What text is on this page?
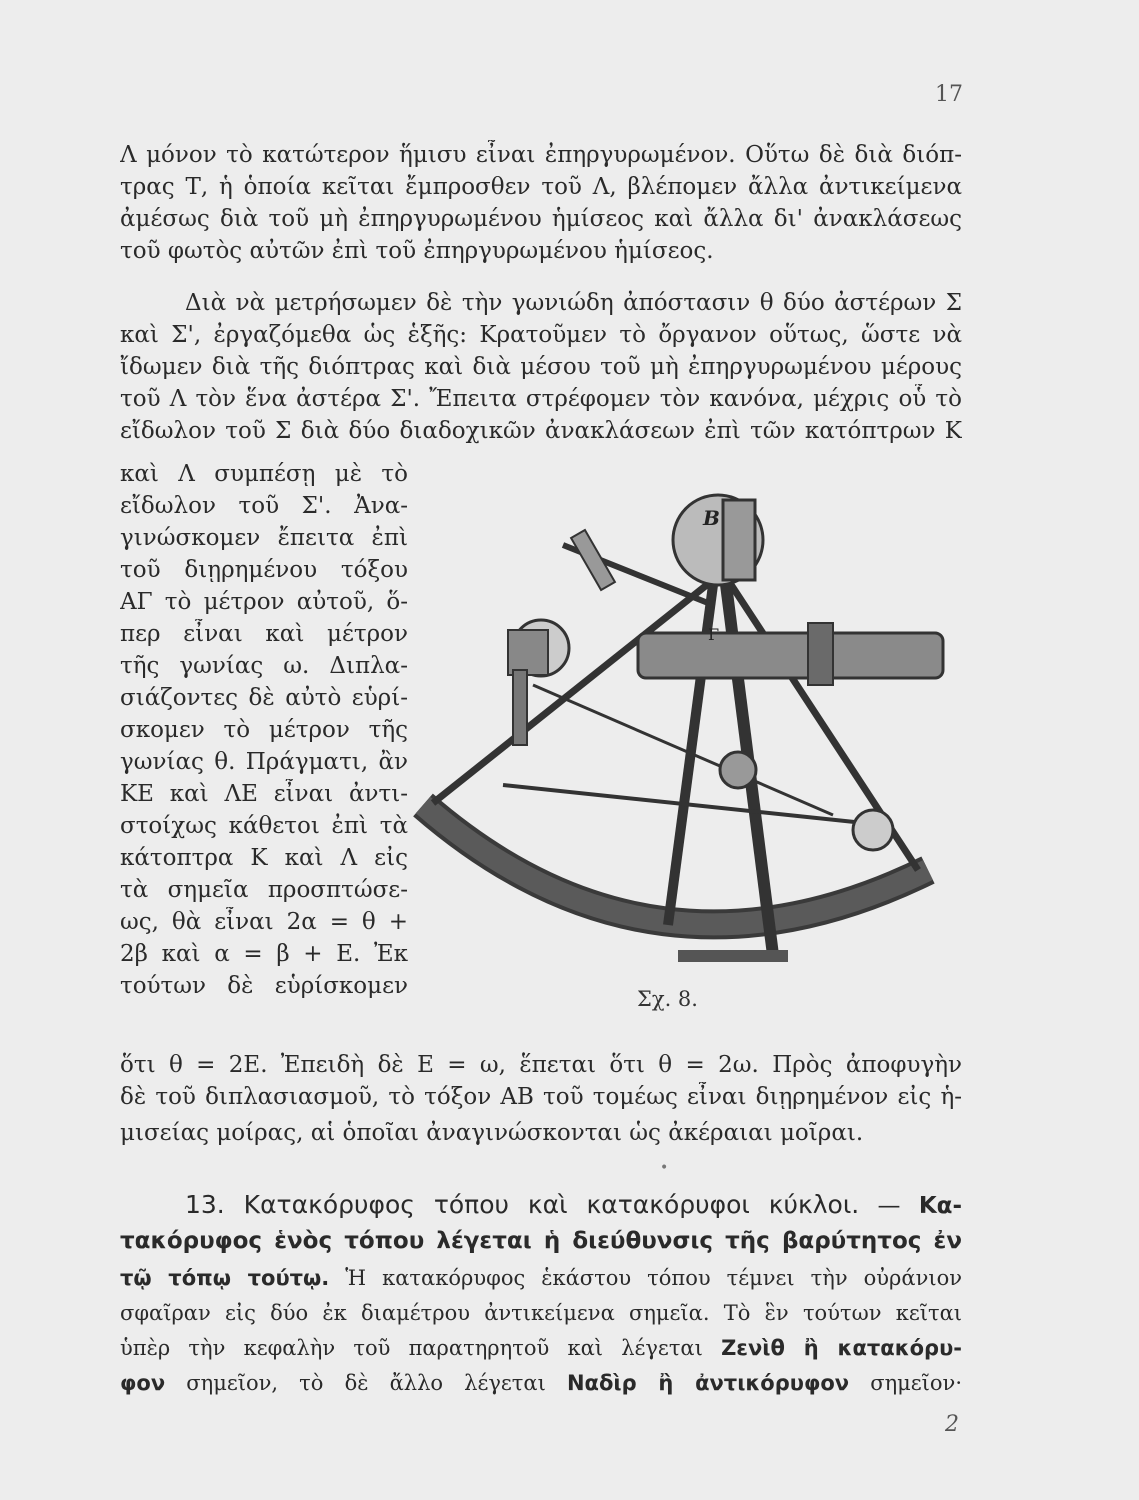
17
Λ μόνον τὸ κατώτερον ἥμισυ εἶναι ἐπηργυρωμένον. Οὕτω δὲ διὰ διόπ-
τρας Τ, ἡ ὁποία κεῖται ἔμπροσθεν τοῦ Λ, βλέπομεν ἄλλα ἀντικείμενα
ἀμέσως διὰ τοῦ μὴ ἐπηργυρωμένου ἡμίσεος καὶ ἄλλα δι' ἀνακλάσεως
τοῦ φωτὸς αὐτῶν ἐπὶ τοῦ ἐπηργυρωμένου ἡμίσεος.
Διὰ νὰ μετρήσωμεν δὲ τὴν γωνιώδη ἀπόστασιν θ δύο ἀστέρων Σ
καὶ Σ', ἐργαζόμεθα ὡς ἑξῆς: Κρατοῦμεν τὸ ὄργανον οὕτως, ὥστε νὰ
ἴδωμεν διὰ τῆς διόπτρας καὶ διὰ μέσου τοῦ μὴ ἐπηργυρωμένου μέρους
τοῦ Λ τὸν ἕνα ἀστέρα Σ'. Ἔπειτα στρέφομεν τὸν κανόνα, μέχρις οὗ τὸ
εἴδωλον τοῦ Σ διὰ δύο διαδοχικῶν ἀνακλάσεων ἐπὶ τῶν κατόπτρων Κ
καὶ Λ συμπέσῃ μὲ τὸ
εἴδωλον τοῦ Σ'. Ἀνα-
γινώσκομεν ἔπειτα ἐπὶ
τοῦ διῃρημένου τόξου
ΑΓ τὸ μέτρον αὐτοῦ, ὅ-
περ εἶναι καὶ μέτρον
τῆς γωνίας ω. Διπλα-
σιάζοντες δὲ αὐτὸ εὑρί-
σκομεν τὸ μέτρον τῆς
γωνίας θ. Πράγματι, ἂν
ΚΕ καὶ ΛΕ εἶναι ἀντι-
στοίχως κάθετοι ἐπὶ τὰ
κάτοπτρα Κ καὶ Λ εἰς
τὰ σημεῖα προσπτώσε-
ως, θὰ εἶναι 2α = θ +
2β καὶ α = β + Ε. Ἐκ
τούτων δὲ εὑρίσκομεν
B
Γ
Σχ. 8.
ὅτι θ = 2Ε. Ἐπειδὴ δὲ Ε = ω, ἕπεται ὅτι θ = 2ω. Πρὸς ἀποφυγὴν
δὲ τοῦ διπλασιασμοῦ, τὸ τόξον ΑΒ τοῦ τομέως εἶναι διῃρημένον εἰς ἡ-
μισείας μοίρας, αἱ ὁποῖαι ἀναγινώσκονται ὡς ἀκέραιαι μοῖραι.
•
13. Κατακόρυφος τόπου καὶ κατακόρυφοι κύκλοι. — Κα-
τακόρυφος ἑνὸς τόπου λέγεται ἡ διεύθυνσις τῆς βαρύτητος ἐν
τῷ τόπῳ τούτῳ. Ἡ κατακόρυφος ἑκάστου τόπου τέμνει τὴν οὐράνιον
σφαῖραν εἰς δύο ἐκ διαμέτρου ἀντικείμενα σημεῖα. Τὸ ἓν τούτων κεῖται
ὑπὲρ τὴν κεφαλὴν τοῦ παρατηρητοῦ καὶ λέγεται Ζενὶθ ἢ κατακόρυ-
φον σημεῖον, τὸ δὲ ἄλλο λέγεται Ναδὶρ ἢ ἀντικόρυφον σημεῖον·
2
